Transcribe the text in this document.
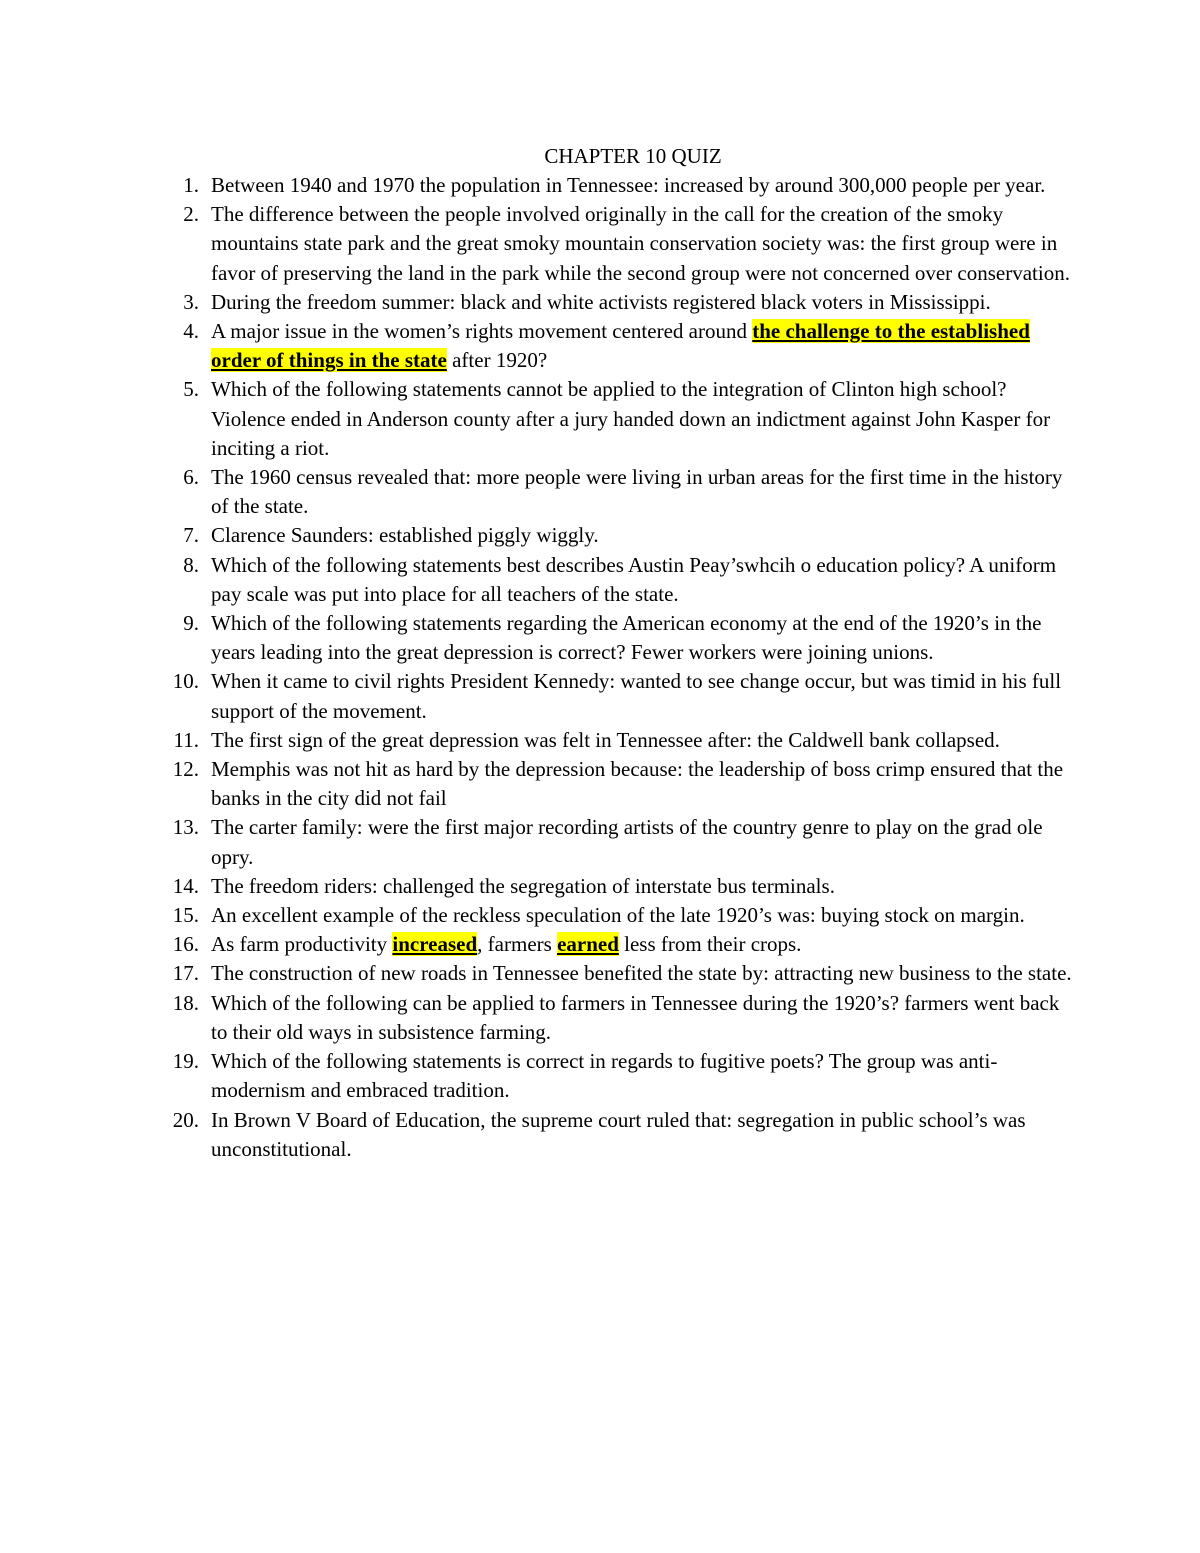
CHAPTER 10 QUIZ
1. Between 1940 and 1970 the population in Tennessee: increased by around 300,000 people per year.
2. The difference between the people involved originally in the call for the creation of the smoky mountains state park and the great smoky mountain conservation society was: the first group were in favor of preserving the land in the park while the second group were not concerned over conservation.
3. During the freedom summer: black and white activists registered black voters in Mississippi.
4. A major issue in the women’s rights movement centered around the challenge to the established order of things in the state after 1920?
5. Which of the following statements cannot be applied to the integration of Clinton high school? Violence ended in Anderson county after a jury handed down an indictment against John Kasper for inciting a riot.
6. The 1960 census revealed that: more people were living in urban areas for the first time in the history of the state.
7. Clarence Saunders: established piggly wiggly.
8. Which of the following statements best describes Austin Peay’swhcih o education policy? A uniform pay scale was put into place for all teachers of the state.
9. Which of the following statements regarding the American economy at the end of the 1920’s in the years leading into the great depression is correct? Fewer workers were joining unions.
10. When it came to civil rights President Kennedy: wanted to see change occur, but was timid in his full support of the movement.
11. The first sign of the great depression was felt in Tennessee after: the Caldwell bank collapsed.
12. Memphis was not hit as hard by the depression because: the leadership of boss crimp ensured that the banks in the city did not fail
13. The carter family: were the first major recording artists of the country genre to play on the grad ole opry.
14. The freedom riders: challenged the segregation of interstate bus terminals.
15. An excellent example of the reckless speculation of the late 1920’s was: buying stock on margin.
16. As farm productivity increased, farmers earned less from their crops.
17. The construction of new roads in Tennessee benefited the state by: attracting new business to the state.
18. Which of the following can be applied to farmers in Tennessee during the 1920’s? farmers went back to their old ways in subsistence farming.
19. Which of the following statements is correct in regards to fugitive poets? The group was anti-modernism and embraced tradition.
20. In Brown V Board of Education, the supreme court ruled that: segregation in public school’s was unconstitutional.
